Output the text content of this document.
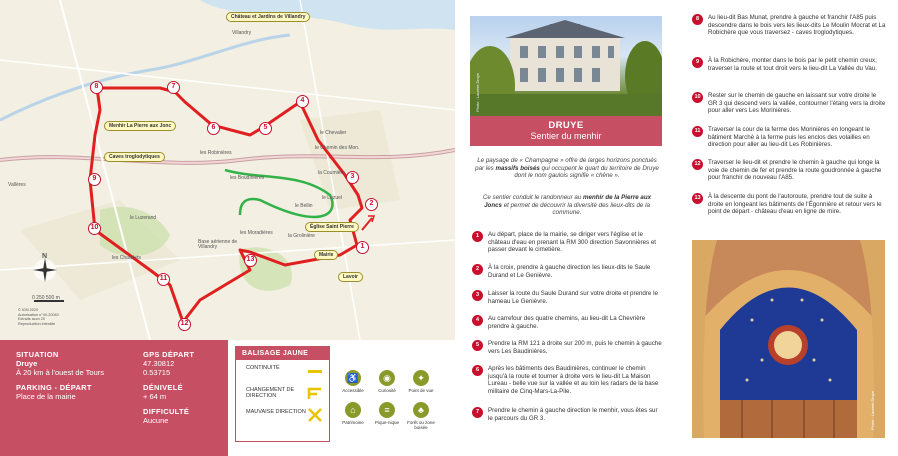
Villandry
Vallères
le Chevalier
le Chemin des Mon.
les Robinières
les Boudinières
la Coumière
le Luzuel
le Bellin
les Moradières
les Chatelets
la Grolinière
le Luzerand
Base aérienne de Villandry
Château et Jardins de Villandry
Menhir La Pierre aux Jonc
Caves troglodytiques
Église Saint Pierre
Mairie
Lavoir
1
2
3
4
5
6
7
8
9
10
11
12
13
N
0 250 500 m
© IGN 2020
Autorisation n°40-20040
Extraits accn 20
Reproduction interdite
SITUATION
Druye
À 20 km à l'ouest de Tours
PARKING - DÉPART
Place de la mairie
GPS DÉPART
47.30812
0.53715
DÉNIVELÉ
+ 64 m
DIFFICULTÉ
Aucune
BALISAGE JAUNE
CONTINUITÉ
CHANGEMENT DE DIRECTION
MAUVAISE DIRECTION
♿
Accessible
◉
Curiosité
✦
Point de vue
⌂
Patrimoine
≡
Pique-nique
♣
Forêt ou zone boisée
Photo : Laurent Druye
DRUYE
Sentier du menhir
Le paysage de « Champagne » offre de larges horizons ponctués par les massifs boisés qui occupent le quart du territoire de Druye dont le nom gaulois signifie « chêne ».
Ce sentier conduit le randonneur au menhir de la Pierre aux Joncs et permet de découvrir la diversité des lieux-dits de la commune.
1	Au départ, place de la mairie, se diriger vers l'église et le château d'eau en prenant la RM 300 direction Savonnières et passer devant le cimetière.
2	À la croix, prendre à gauche direction les lieux-dits le Saule Durand et Le Genièvre.
3	Laisser la route du Saule Durand sur votre droite et prendre le hameau Le Genièvre.
4	Au carrefour des quatre chemins, au lieu-dit La Chevrière prendre à gauche.
5	Prendre la RM 121 à droite sur 200 m, puis le chemin à gauche vers Les Baudinières.
6	Après les bâtiments des Baudinières, continuer le chemin jusqu'à la route et tourner à droite vers le lieu-dit La Maison Lureau - belle vue sur la vallée et au loin les radars de la base militaire de Cinq-Mars-La-Pile.
7	Prendre le chemin à gauche direction le menhir, vous êtes sur le parcours du GR 3.
8	Au lieu-dit Bas Munat, prendre à gauche et franchir l'A85 puis descendre dans le bois vers les lieux-dits Le Moulin Mocrat et La Robichère que vous traversez - caves troglodytiques.
9	À la Robichère, monter dans le bois par le petit chemin creux, traverser la route et tout droit vers le lieu-dit La Vallée du Vau.
10	Rester sur le chemin de gauche en laissant sur votre droite le GR 3 qui descend vers la vallée, contourner l'étang vers la droite pour aller vers Les Morinières.
11	Traverser la cour de la ferme des Morinières en longeant le bâtiment Marché à la ferme puis les enclos des volailles en direction pour aller au lieu-dit Les Robinières.
12	Traverser le lieu-dit et prendre le chemin à gauche qui longe la voie de chemin de fer et prendre la route goudronnée à gauche pour franchir de nouveau l'A85.
13	À la descente du pont de l'autoroute, prendre tout de suite à droite en longeant les bâtiments de l'Égonnière et retour vers le point de départ - château d'eau en ligne de mire.
Photo : Laurent Druye
